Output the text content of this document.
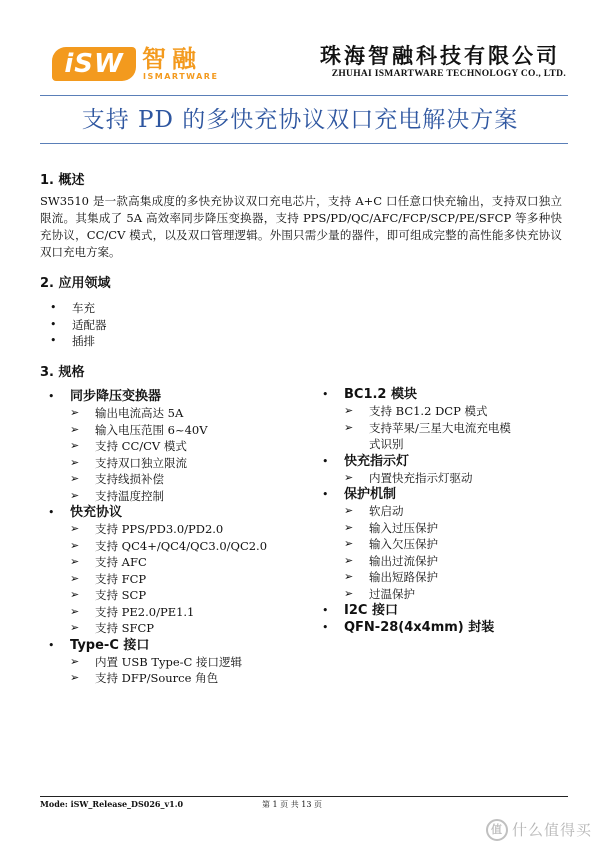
iSW 智融
ISMARTWARE
珠海智融科技有限公司
ZHUHAI ISMARTWARE TECHNOLOGY CO., LTD.
支持 PD 的多快充协议双口充电解决方案
1. 概述
SW3510 是一款高集成度的多快充协议双口充电芯片，支持 A+C 口任意口快充输出，支持双口独立限流。其集成了 5A 高效率同步降压变换器，支持 PPS/PD/QC/AFC/FCP/SCP/PE/SFCP 等多种快充协议，CC/CV 模式，以及双口管理逻辑。外围只需少量的器件，即可组成完整的高性能多快充协议双口充电方案。
2. 应用领域
• 车充
• 适配器
• 插排
3. 规格
• 同步降压变换器
➢	输出电流高达 5A
➢	输入电压范围 6~40V
➢	支持 CC/CV 模式
➢	支持双口独立限流
➢	支持线损补偿
➢	支持温度控制
• 快充协议
➢	支持 PPS/PD3.0/PD2.0
➢	支持 QC4+/QC4/QC3.0/QC2.0
➢	支持 AFC
➢	支持 FCP
➢	支持 SCP
➢	支持 PE2.0/PE1.1
➢	支持 SFCP
• Type-C 接口
➢	内置 USB Type-C 接口逻辑
➢	支持 DFP/Source 角色
• BC1.2 模块
➢	支持 BC1.2 DCP 模式
➢	支持苹果/三星大电流充电模式识别
• 快充指示灯
➢	内置快充指示灯驱动
• 保护机制
➢	软启动
➢	输入过压保护
➢	输入欠压保护
➢	输出过流保护
➢	输出短路保护
➢	过温保护
• I2C 接口
• QFN-28(4x4mm) 封装
Mode: iSW_Release_DS026_v1.0	第 1 页 共 13 页
值 什么值得买
